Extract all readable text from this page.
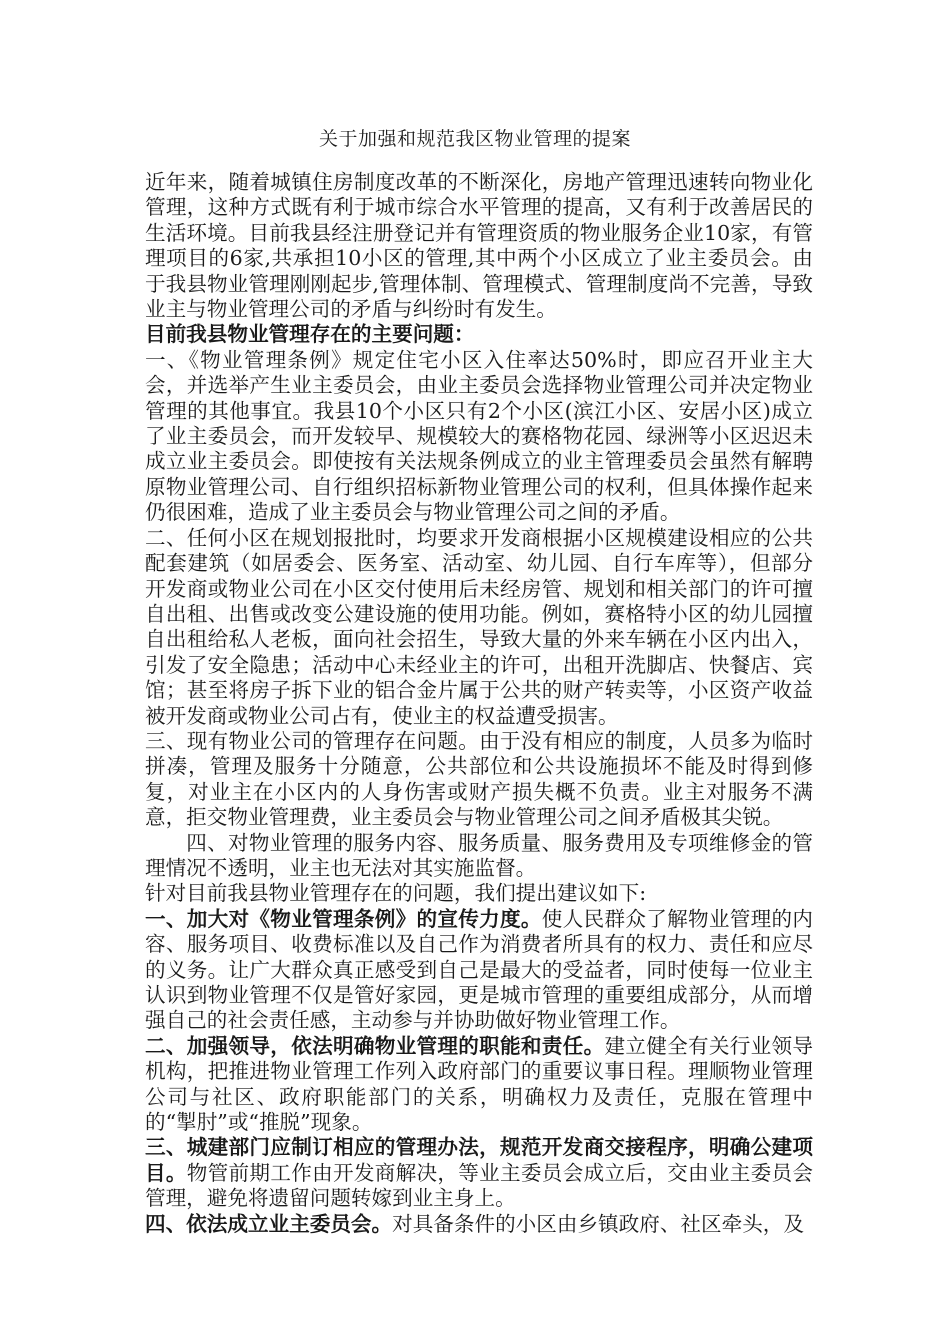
关于加强和规范我区物业管理的提案

近年来，随着城镇住房制度改革的不断深化，房地产管理迅速转向物业化管理，这种方式既有利于城市综合水平管理的提高，又有利于改善居民的生活环境。目前我县经注册登记并有管理资质的物业服务企业10家，有管理项目的6家,共承担10小区的管理,其中两个小区成立了业主委员会。由于我县物业管理刚刚起步,管理体制、管理模式、管理制度尚不完善，导致业主与物业管理公司的矛盾与纠纷时有发生。

目前我县物业管理存在的主要问题：

一、《物业管理条例》规定住宅小区入住率达50%时，即应召开业主大会，并选举产生业主委员会，由业主委员会选择物业管理公司并决定物业管理的其他事宜。我县10个小区只有2个小区(滨江小区、安居小区)成立了业主委员会，而开发较早、规模较大的赛格物花园、绿洲等小区迟迟未成立业主委员会。即使按有关法规条例成立的业主管理委员会虽然有解聘原物业管理公司、自行组织招标新物业管理公司的权利，但具体操作起来仍很困难，造成了业主委员会与物业管理公司之间的矛盾。

二、任何小区在规划报批时，均要求开发商根据小区规模建设相应的公共配套建筑（如居委会、医务室、活动室、幼儿园、自行车库等），但部分开发商或物业公司在小区交付使用后未经房管、规划和相关部门的许可擅自出租、出售或改变公建设施的使用功能。例如，赛格特小区的幼儿园擅自出租给私人老板，面向社会招生，导致大量的外来车辆在小区内出入，引发了安全隐患；活动中心未经业主的许可，出租开洗脚店、快餐店、宾馆；甚至将房子拆下业的铝合金片属于公共的财产转卖等，小区资产收益被开发商或物业公司占有，使业主的权益遭受损害。

三、现有物业公司的管理存在问题。由于没有相应的制度，人员多为临时拼凑，管理及服务十分随意，公共部位和公共设施损坏不能及时得到修复，对业主在小区内的人身伤害或财产损失概不负责。业主对服务不满意，拒交物业管理费，业主委员会与物业管理公司之间矛盾极其尖锐。

四、对物业管理的服务内容、服务质量、服务费用及专项维修金的管理情况不透明，业主也无法对其实施监督。

针对目前我县物业管理存在的问题，我们提出建议如下:

一、加大对《物业管理条例》的宣传力度。使人民群众了解物业管理的内容、服务项目、收费标准以及自己作为消费者所具有的权力、责任和应尽的义务。让广大群众真正感受到自己是最大的受益者，同时使每一位业主认识到物业管理不仅是管好家园，更是城市管理的重要组成部分，从而增强自己的社会责任感，主动参与并协助做好物业管理工作。

二、加强领导，依法明确物业管理的职能和责任。建立健全有关行业领导机构，把推进物业管理工作列入政府部门的重要议事日程。理顺物业管理公司与社区、政府职能部门的关系，明确权力及责任，克服在管理中的“掣肘”或“推脱”现象。

三、城建部门应制订相应的管理办法，规范开发商交接程序，明确公建项目。物管前期工作由开发商解决，等业主委员会成立后，交由业主委员会管理，避免将遗留问题转嫁到业主身上。

四、依法成立业主委员会。对具备条件的小区由乡镇政府、社区牵头，及
